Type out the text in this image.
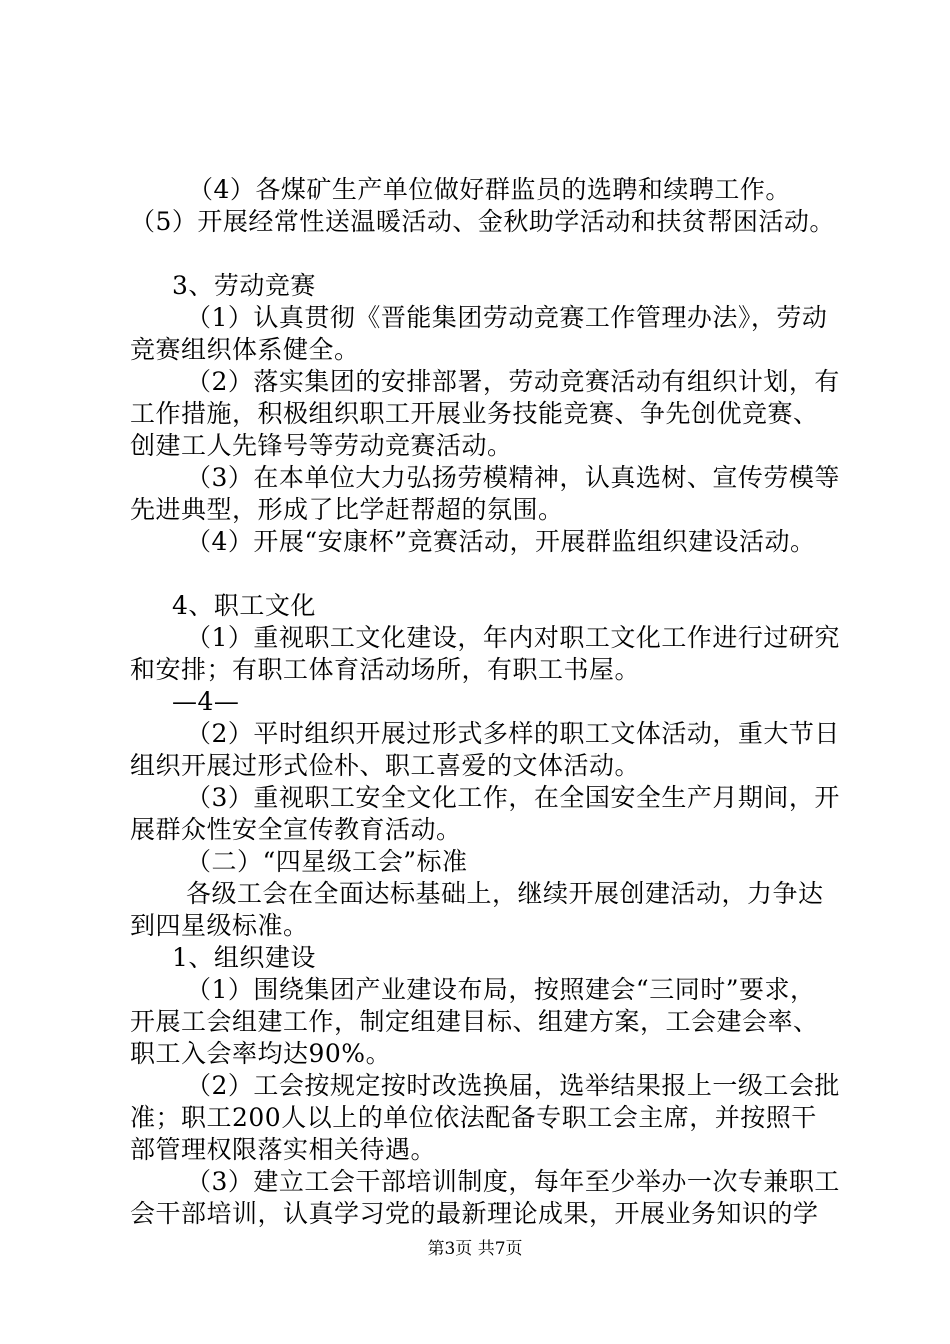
（4）各煤矿生产单位做好群监员的选聘和续聘工作。
（5）开展经常性送温暖活动、金秋助学活动和扶贫帮困活动。
3、劳动竞赛
（1）认真贯彻《晋能集团劳动竞赛工作管理办法》，劳动
竞赛组织体系健全。
（2）落实集团的安排部署，劳动竞赛活动有组织计划，有
工作措施，积极组织职工开展业务技能竞赛、争先创优竞赛、
创建工人先锋号等劳动竞赛活动。
（3）在本单位大力弘扬劳模精神，认真选树、宣传劳模等
先进典型，形成了比学赶帮超的氛围。
（4）开展“安康杯”竞赛活动，开展群监组织建设活动。
4、职工文化
（1）重视职工文化建设，年内对职工文化工作进行过研究
和安排；有职工体育活动场所，有职工书屋。
—4—
（2）平时组织开展过形式多样的职工文体活动，重大节日
组织开展过形式俭朴、职工喜爱的文体活动。
（3）重视职工安全文化工作，在全国安全生产月期间，开
展群众性安全宣传教育活动。
（二）“四星级工会”标准
各级工会在全面达标基础上，继续开展创建活动，力争达
到四星级标准。
1、组织建设
（1）围绕集团产业建设布局，按照建会“三同时”要求，
开展工会组建工作，制定组建目标、组建方案，工会建会率、
职工入会率均达90%。
（2）工会按规定按时改选换届，选举结果报上一级工会批
准；职工200人以上的单位依法配备专职工会主席，并按照干
部管理权限落实相关待遇。
（3）建立工会干部培训制度，每年至少举办一次专兼职工
会干部培训，认真学习党的最新理论成果，开展业务知识的学
第3页 共7页
